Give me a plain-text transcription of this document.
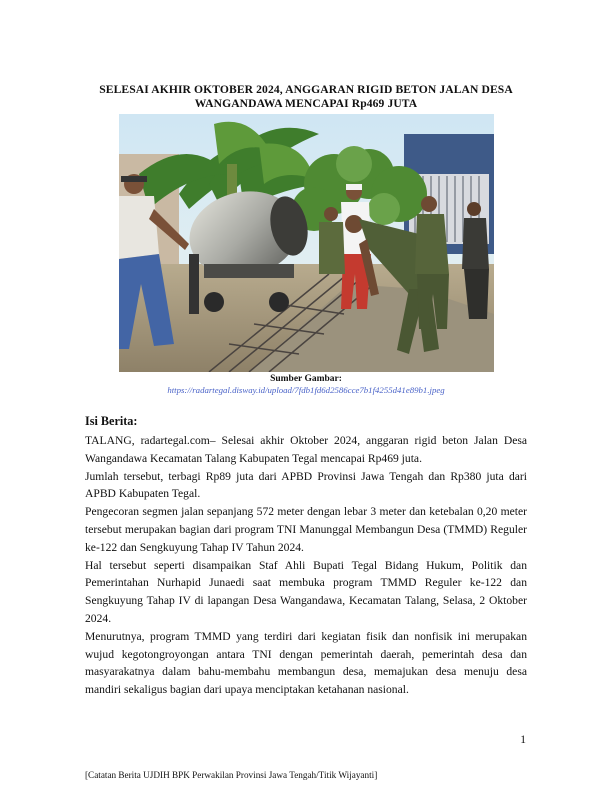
SELESAI AKHIR OKTOBER 2024, ANGGARAN RIGID BETON JALAN DESA
WANGANDAWA MENCAPAI Rp469 JUTA
Sumber Gambar:
https://radartegal.disway.id/upload/7fdb1fd6d2586cce7b1f4255d41e89b1.jpeg
Isi Berita:

TALANG, radartegal.com– Selesai akhir Oktober 2024, anggaran rigid beton Jalan Desa Wangandawa Kecamatan Talang Kabupaten Tegal mencapai Rp469 juta.

Jumlah tersebut, terbagi Rp89 juta dari APBD Provinsi Jawa Tengah dan Rp380 juta dari APBD Kabupaten Tegal.

Pengecoran segmen jalan sepanjang 572 meter dengan lebar 3 meter dan ketebalan 0,20 meter tersebut merupakan bagian dari program TNI Manunggal Membangun Desa (TMMD) Reguler ke-122 dan Sengkuyung Tahap IV Tahun 2024.

Hal tersebut seperti disampaikan Staf Ahli Bupati Tegal Bidang Hukum, Politik dan Pemerintahan Nurhapid Junaedi saat membuka program TMMD Reguler ke-122 dan Sengkuyung Tahap IV di lapangan Desa Wangandawa, Kecamatan Talang, Selasa, 2 Oktober 2024.

Menurutnya, program TMMD yang terdiri dari kegiatan fisik dan nonfisik ini merupakan wujud kegotongroyongan antara TNI dengan pemerintah daerah, pemerintah desa dan masyarakatnya dalam bahu-membahu membangun desa, memajukan desa menuju desa mandiri sekaligus bagian dari upaya menciptakan ketahanan nasional.

1
[Catatan Berita UJDIH BPK Perwakilan Provinsi Jawa Tengah/Titik Wijayanti]
